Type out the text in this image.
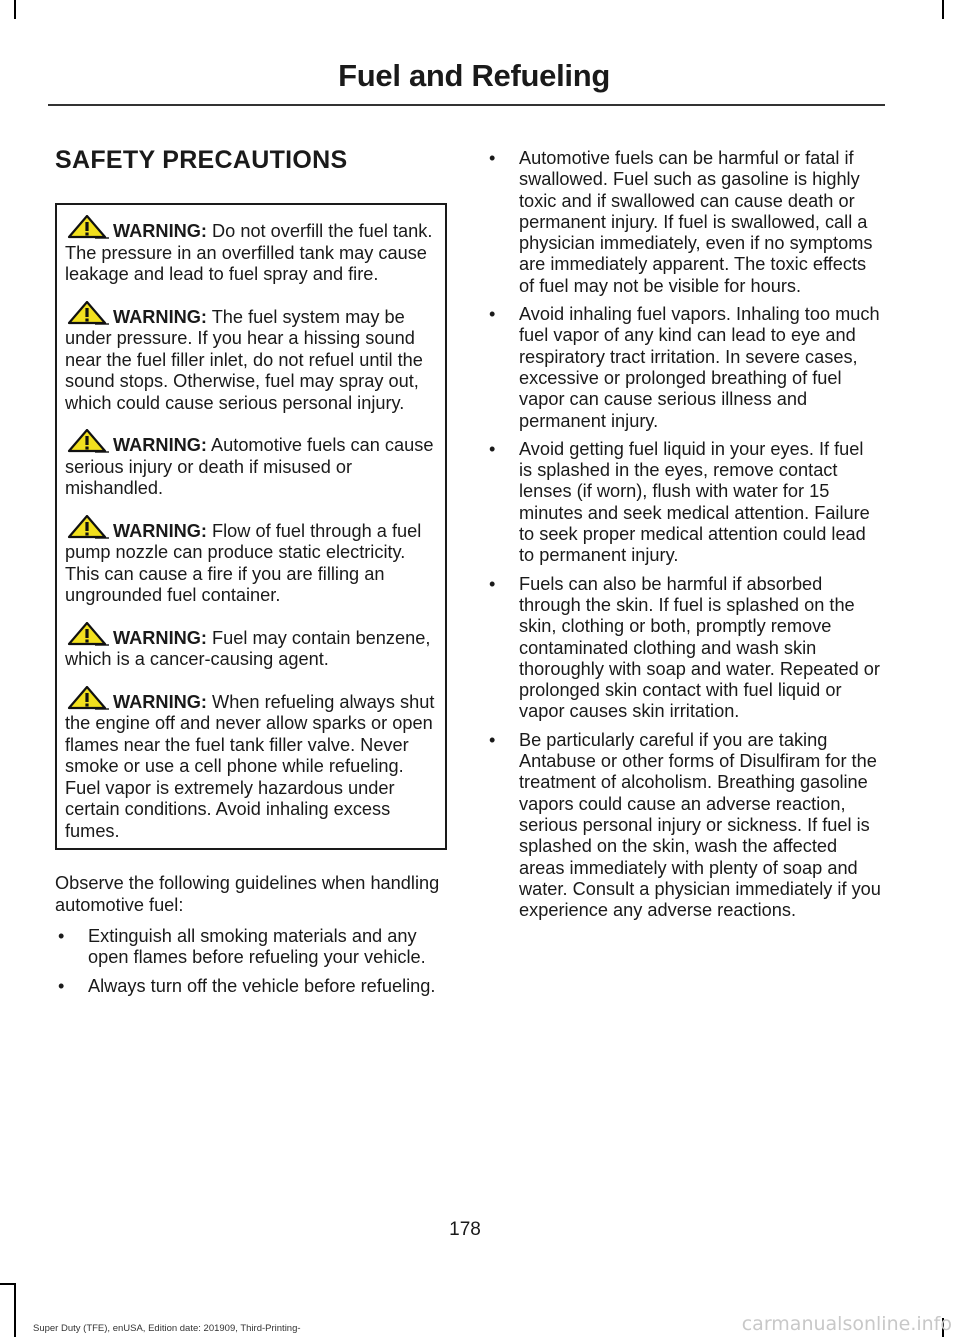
Fuel and Refueling
SAFETY PRECAUTIONS

WARNING: Do not overfill the fuel tank. The pressure in an overfilled tank may cause leakage and lead to fuel spray and fire.

WARNING: The fuel system may be under pressure. If you hear a hissing sound near the fuel filler inlet, do not refuel until the sound stops. Otherwise, fuel may spray out, which could cause serious personal injury.

WARNING: Automotive fuels can cause serious injury or death if misused or mishandled.

WARNING: Flow of fuel through a fuel pump nozzle can produce static electricity. This can cause a fire if you are filling an ungrounded fuel container.

WARNING: Fuel may contain benzene, which is a cancer-causing agent.

WARNING: When refueling always shut the engine off and never allow sparks or open flames near the fuel tank filler valve. Never smoke or use a cell phone while refueling. Fuel vapor is extremely hazardous under certain conditions. Avoid inhaling excess fumes.

Observe the following guidelines when handling automotive fuel:
• Extinguish all smoking materials and any open flames before refueling your vehicle.
• Always turn off the vehicle before refueling.
• Automotive fuels can be harmful or fatal if swallowed. Fuel such as gasoline is highly toxic and if swallowed can cause death or permanent injury. If fuel is swallowed, call a physician immediately, even if no symptoms are immediately apparent. The toxic effects of fuel may not be visible for hours.
• Avoid inhaling fuel vapors. Inhaling too much fuel vapor of any kind can lead to eye and respiratory tract irritation. In severe cases, excessive or prolonged breathing of fuel vapor can cause serious illness and permanent injury.
• Avoid getting fuel liquid in your eyes. If fuel is splashed in the eyes, remove contact lenses (if worn), flush with water for 15 minutes and seek medical attention. Failure to seek proper medical attention could lead to permanent injury.
• Fuels can also be harmful if absorbed through the skin. If fuel is splashed on the skin, clothing or both, promptly remove contaminated clothing and wash skin thoroughly with soap and water. Repeated or prolonged skin contact with fuel liquid or vapor causes skin irritation.
• Be particularly careful if you are taking Antabuse or other forms of Disulfiram for the treatment of alcoholism. Breathing gasoline vapors could cause an adverse reaction, serious personal injury or sickness. If fuel is splashed on the skin, wash the affected areas immediately with plenty of soap and water. Consult a physician immediately if you experience any adverse reactions.
178
Super Duty (TFE), enUSA, Edition date: 201909, Third-Printing-	carmanualsonline.info
